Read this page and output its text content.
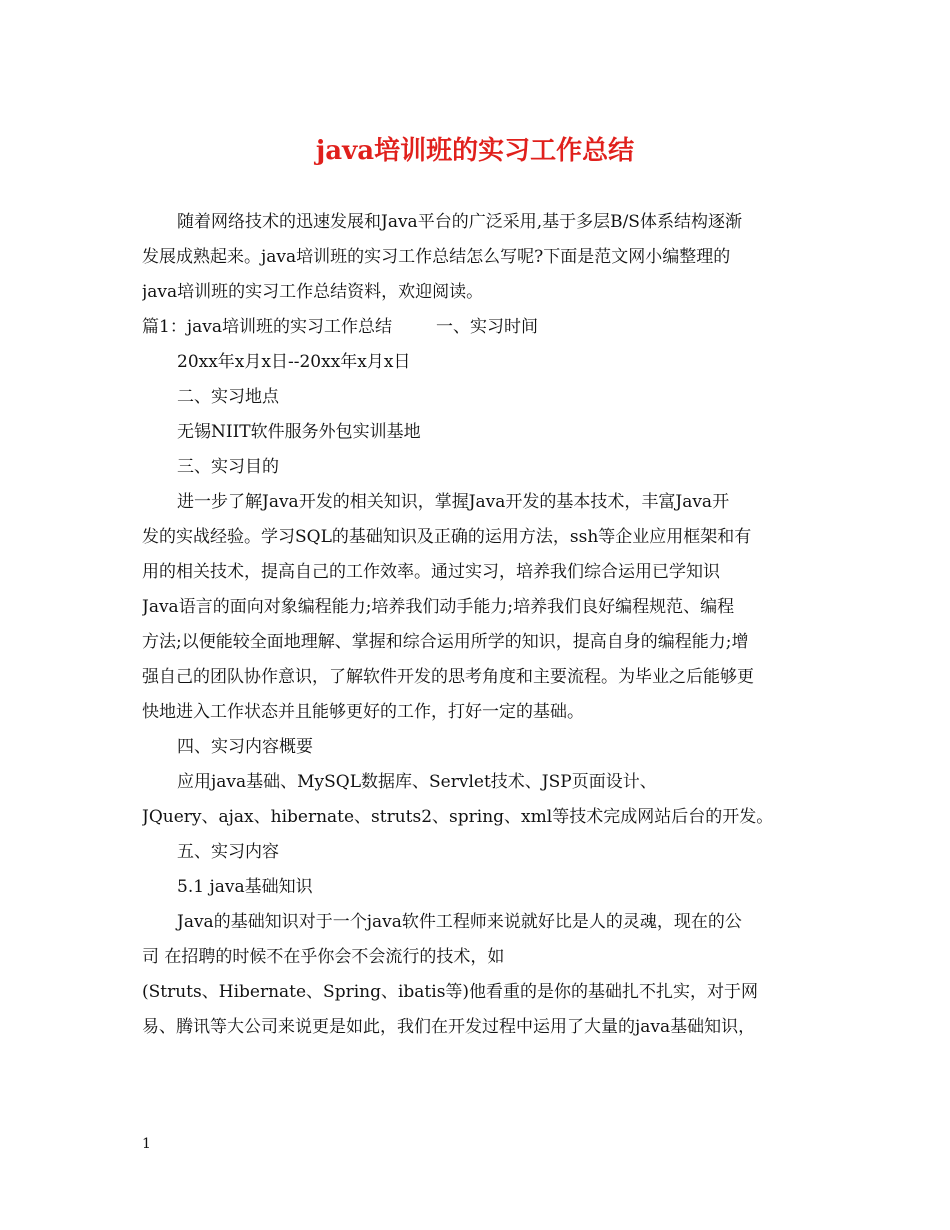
java培训班的实习工作总结
随着网络技术的迅速发展和Java平台的广泛采用,基于多层B/S体系结构逐渐
发展成熟起来。java培训班的实习工作总结怎么写呢?下面是范文网小编整理的
java培训班的实习工作总结资料，欢迎阅读。
篇1：java培训班的实习工作总结	一、实习时间
20xx年x月x日--20xx年x月x日
二、实习地点
无锡NIIT软件服务外包实训基地
三、实习目的
进一步了解Java开发的相关知识，掌握Java开发的基本技术，丰富Java开
发的实战经验。学习SQL的基础知识及正确的运用方法，ssh等企业应用框架和有
用的相关技术，提高自己的工作效率。通过实习，培养我们综合运用已学知识
Java语言的面向对象编程能力;培养我们动手能力;培养我们良好编程规范、编程
方法;以便能较全面地理解、掌握和综合运用所学的知识，提高自身的编程能力;增
强自己的团队协作意识，了解软件开发的思考角度和主要流程。为毕业之后能够更
快地进入工作状态并且能够更好的工作，打好一定的基础。
四、实习内容概要
应用java基础、MySQL数据库、Servlet技术、JSP页面设计、
JQuery、ajax、hibernate、struts2、spring、xml等技术完成网站后台的开发。
五、实习内容
5.1 java基础知识
Java的基础知识对于一个java软件工程师来说就好比是人的灵魂，现在的公
司 在招聘的时候不在乎你会不会流行的技术，如
(Struts、Hibernate、Spring、ibatis等)他看重的是你的基础扎不扎实，对于网
易、腾讯等大公司来说更是如此，我们在开发过程中运用了大量的java基础知识，
1
